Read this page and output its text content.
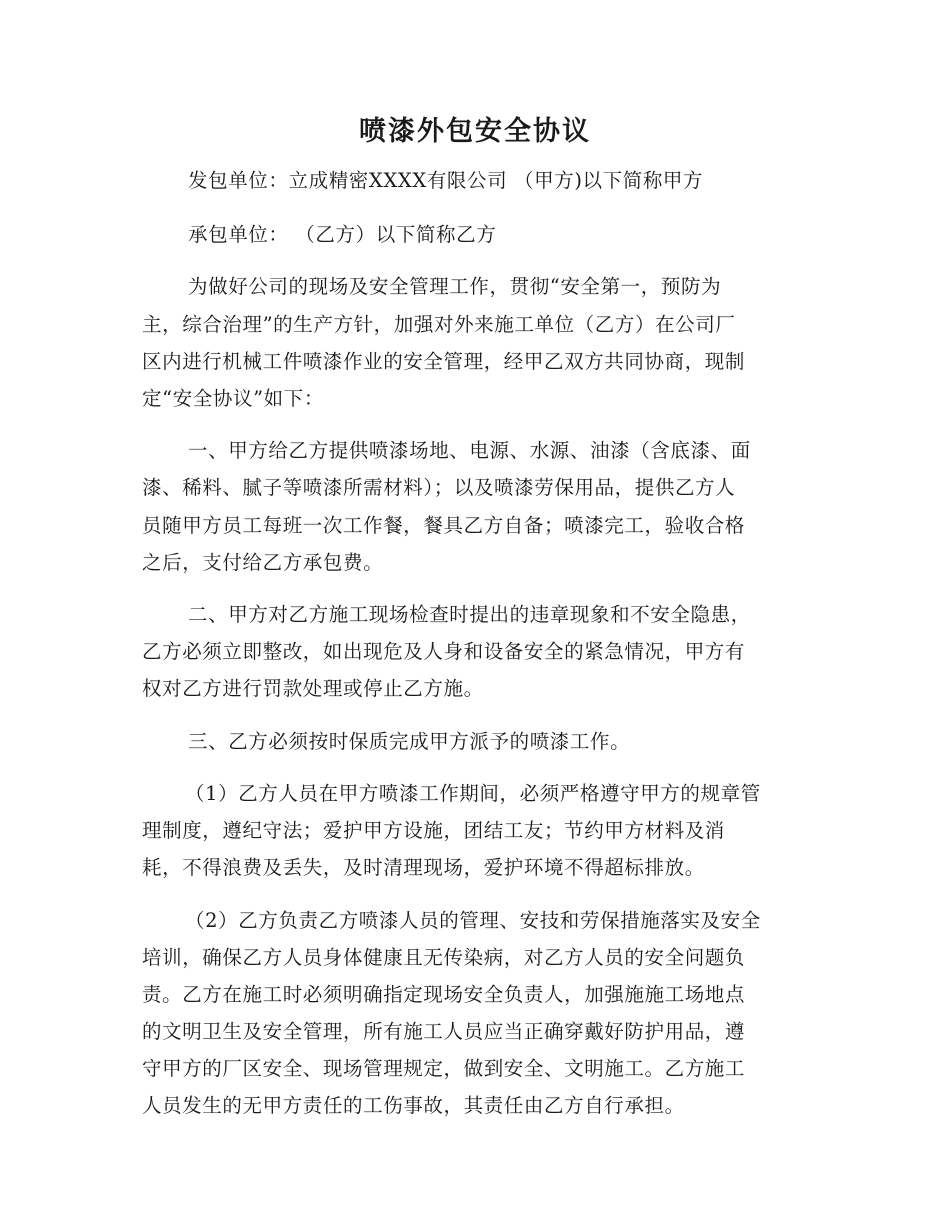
喷漆外包安全协议
发包单位：立成精密XXXX有限公司 （甲方)以下简称甲方
承包单位： （乙方）以下简称乙方
为做好公司的现场及安全管理工作，贯彻“安全第一，预防为
主，综合治理”的生产方针，加强对外来施工单位（乙方）在公司厂
区内进行机械工件喷漆作业的安全管理，经甲乙双方共同协商，现制
定“安全协议”如下：
一、甲方给乙方提供喷漆场地、电源、水源、油漆（含底漆、面
漆、稀料、腻子等喷漆所需材料）；以及喷漆劳保用品，提供乙方人
员随甲方员工每班一次工作餐，餐具乙方自备；喷漆完工，验收合格
之后，支付给乙方承包费。
二、甲方对乙方施工现场检查时提出的违章现象和不安全隐患，
乙方必须立即整改，如出现危及人身和设备安全的紧急情况，甲方有
权对乙方进行罚款处理或停止乙方施。
三、乙方必须按时保质完成甲方派予的喷漆工作。
（1）乙方人员在甲方喷漆工作期间，必须严格遵守甲方的规章管
理制度，遵纪守法；爱护甲方设施，团结工友；节约甲方材料及消
耗，不得浪费及丢失，及时清理现场，爱护环境不得超标排放。
（2）乙方负责乙方喷漆人员的管理、安技和劳保措施落实及安全
培训，确保乙方人员身体健康且无传染病，对乙方人员的安全问题负
责。乙方在施工时必须明确指定现场安全负责人，加强施施工场地点
的文明卫生及安全管理，所有施工人员应当正确穿戴好防护用品，遵
守甲方的厂区安全、现场管理规定，做到安全、文明施工。乙方施工
人员发生的无甲方责任的工伤事故，其责任由乙方自行承担。
